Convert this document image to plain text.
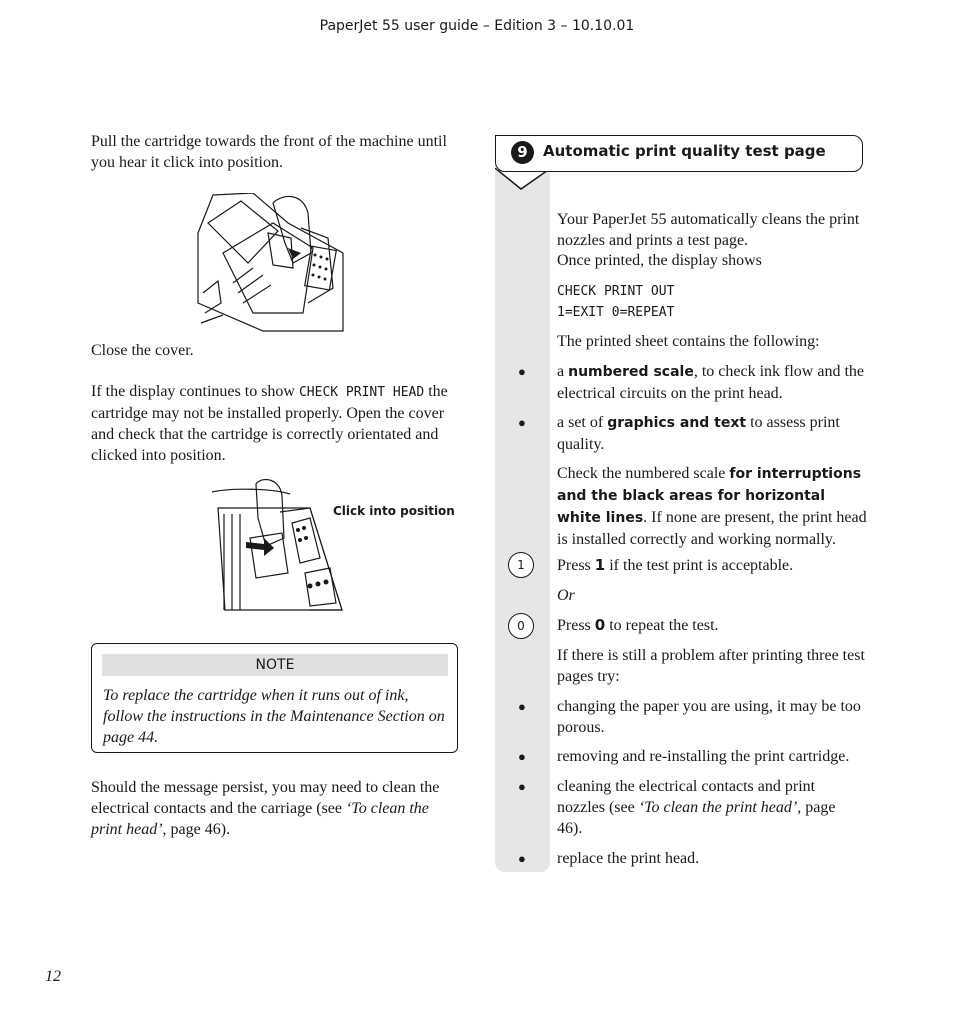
PaperJet 55 user guide – Edition 3 – 10.10.01

Pull the cartridge towards the front of the machine until you hear it click into position.

Close the cover.

If the display continues to show CHECK PRINT HEAD the cartridge may not be installed properly. Open the cover and check that the cartridge is correctly orientated and clicked into position.

Click into position
NOTE

To replace the cartridge when it runs out of ink, follow the instructions in the Maintenance Section on page 44.

Should the message persist, you may need to clean the electrical contacts and the carriage (see ‘To clean the print head’, page 46).

12
9	Automatic print quality test page

Your PaperJet 55 automatically cleans the print nozzles and prints a test page.

Once printed, the display shows

CHECK PRINT OUT

1=EXIT 0=REPEAT

The printed sheet contains the following:

● a numbered scale, to check ink flow and the electrical circuits on the print head.

● a set of graphics and text to assess print quality.

Check the numbered scale for interruptions and the black areas for horizontal white lines. If none are present, the print head is installed correctly and working normally.

1	Press 1 if the test print is acceptable.

Or

0	Press 0 to repeat the test.

If there is still a problem after printing three test pages try:

● changing the paper you are using, it may be too porous.

● removing and re-installing the print cartridge.

● cleaning the electrical contacts and print nozzles (see ‘To clean the print head’, page 46).

● replace the print head.
